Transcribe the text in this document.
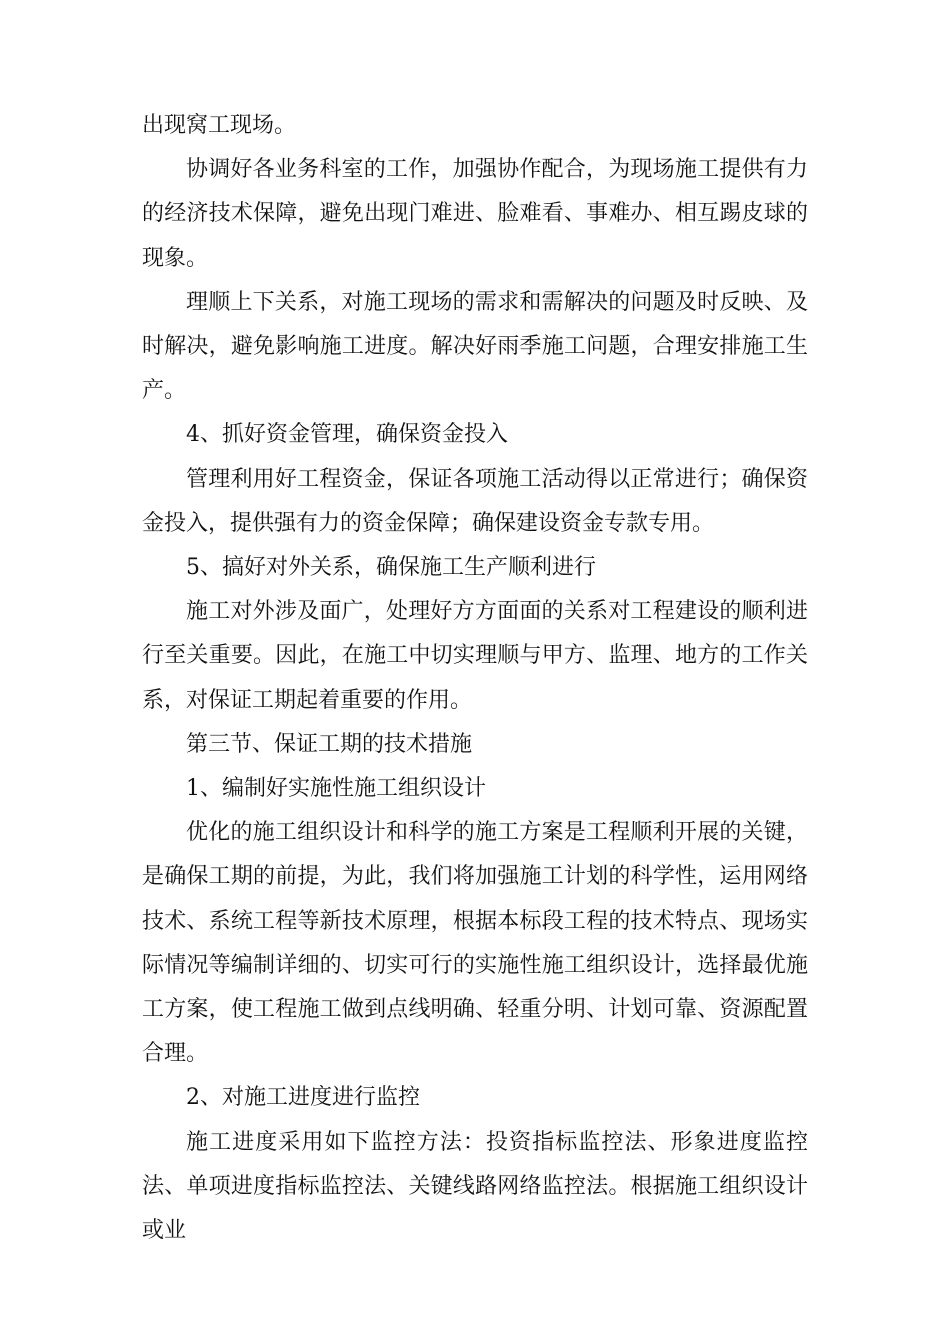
出现窝工现场。

协调好各业务科室的工作，加强协作配合，为现场施工提供有力的经济技术保障，避免出现门难进、脸难看、事难办、相互踢皮球的现象。

理顺上下关系，对施工现场的需求和需解决的问题及时反映、及时解决，避免影响施工进度。解决好雨季施工问题，合理安排施工生产。

4、抓好资金管理，确保资金投入

管理利用好工程资金，保证各项施工活动得以正常进行；确保资金投入，提供强有力的资金保障；确保建设资金专款专用。

5、搞好对外关系，确保施工生产顺利进行

施工对外涉及面广，处理好方方面面的关系对工程建设的顺利进行至关重要。因此，在施工中切实理顺与甲方、监理、地方的工作关系，对保证工期起着重要的作用。

第三节、保证工期的技术措施

1、编制好实施性施工组织设计

优化的施工组织设计和科学的施工方案是工程顺利开展的关键，是确保工期的前提，为此，我们将加强施工计划的科学性，运用网络技术、系统工程等新技术原理，根据本标段工程的技术特点、现场实际情况等编制详细的、切实可行的实施性施工组织设计，选择最优施工方案，使工程施工做到点线明确、轻重分明、计划可靠、资源配置合理。

2、对施工进度进行监控

施工进度采用如下监控方法：投资指标监控法、形象进度监控法、单项进度指标监控法、关键线路网络监控法。根据施工组织设计或业
